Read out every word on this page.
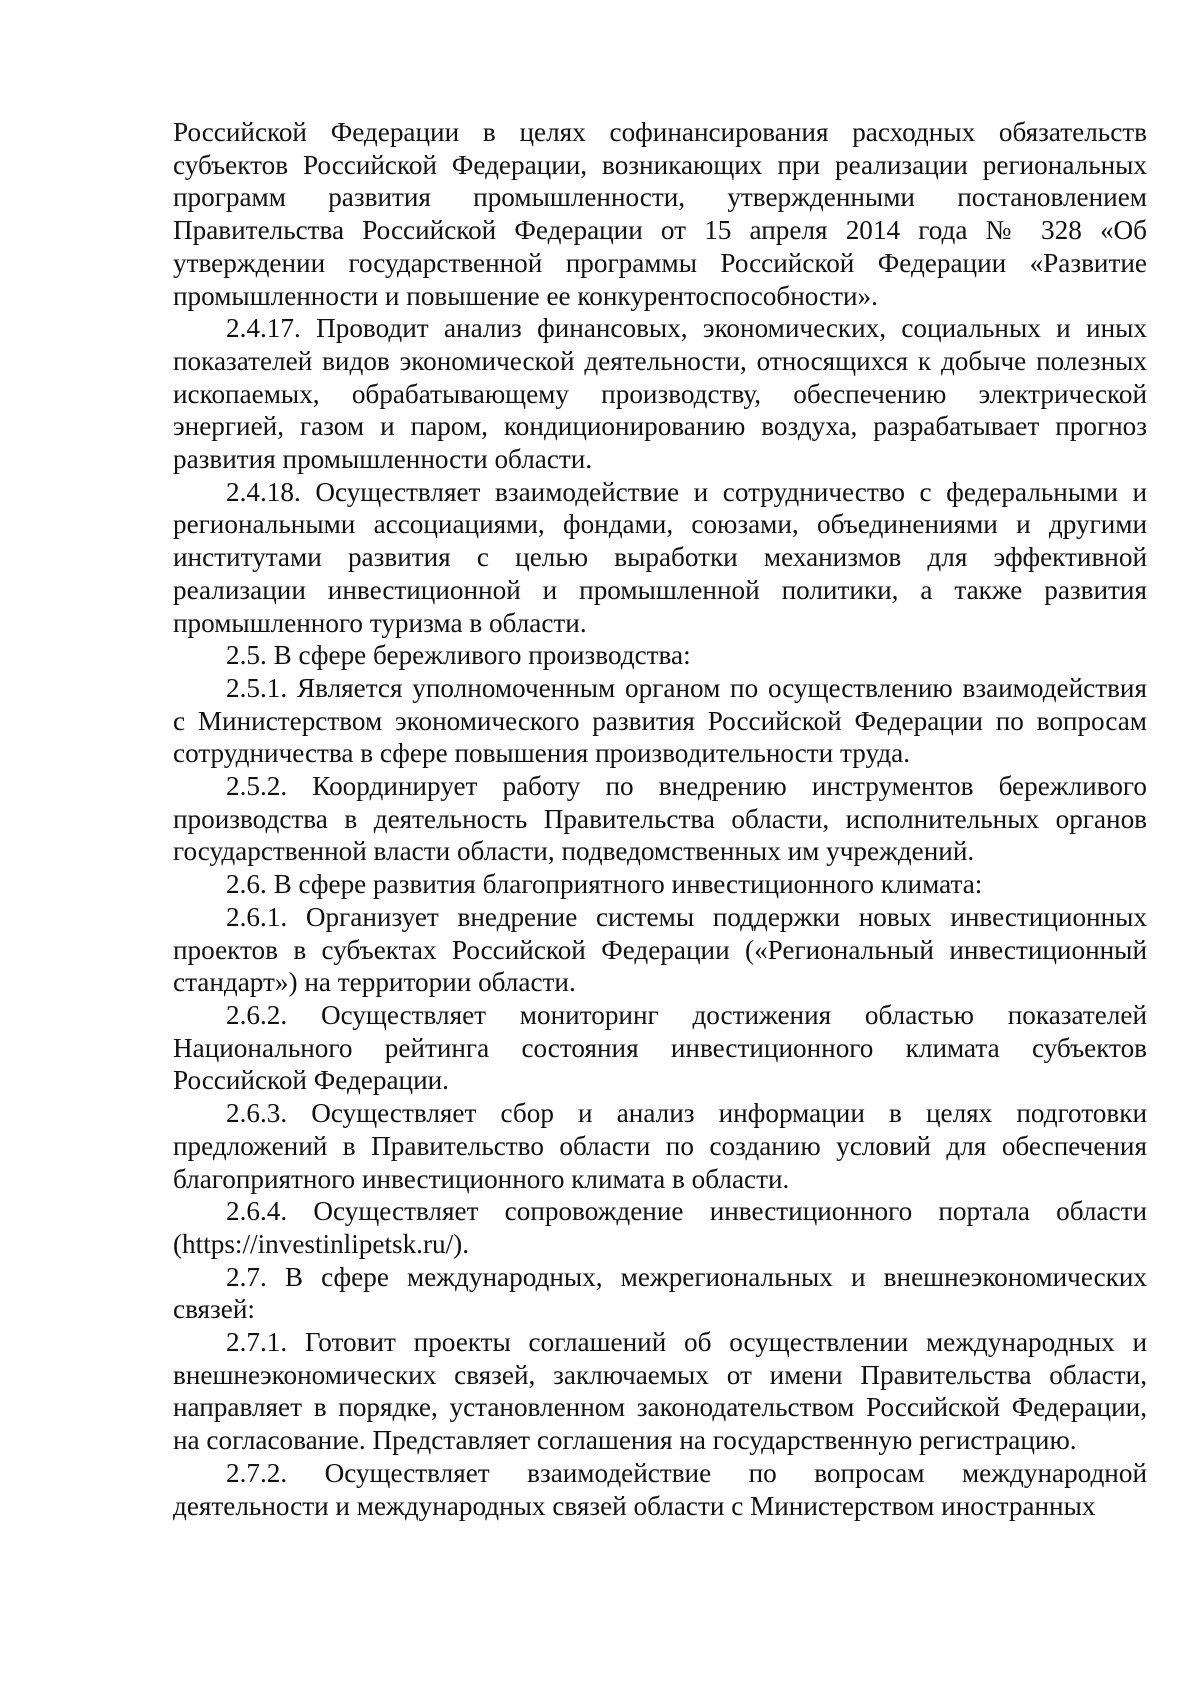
Российской Федерации в целях софинансирования расходных обязательств субъектов Российской Федерации, возникающих при реализации региональных программ развития промышленности, утвержденными постановлением Правительства Российской Федерации от 15 апреля 2014 года № 328 «Об утверждении государственной программы Российской Федерации «Развитие промышленности и повышение ее конкурентоспособности».

2.4.17. Проводит анализ финансовых, экономических, социальных и иных показателей видов экономической деятельности, относящихся к добыче полезных ископаемых, обрабатывающему производству, обеспечению электрической энергией, газом и паром, кондиционированию воздуха, разрабатывает прогноз развития промышленности области.

2.4.18. Осуществляет взаимодействие и сотрудничество с федеральными и региональными ассоциациями, фондами, союзами, объединениями и другими институтами развития с целью выработки механизмов для эффективной реализации инвестиционной и промышленной политики, а также развития промышленного туризма в области.

2.5. В сфере бережливого производства:

2.5.1. Является уполномоченным органом по осуществлению взаимодействия с Министерством экономического развития Российской Федерации по вопросам сотрудничества в сфере повышения производительности труда.

2.5.2. Координирует работу по внедрению инструментов бережливого производства в деятельность Правительства области, исполнительных органов государственной власти области, подведомственных им учреждений.

2.6. В сфере развития благоприятного инвестиционного климата:

2.6.1. Организует внедрение системы поддержки новых инвестиционных проектов в субъектах Российской Федерации («Региональный инвестиционный стандарт») на территории области.

2.6.2. Осуществляет мониторинг достижения областью показателей Национального рейтинга состояния инвестиционного климата субъектов Российской Федерации.

2.6.3. Осуществляет сбор и анализ информации в целях подготовки предложений в Правительство области по созданию условий для обеспечения благоприятного инвестиционного климата в области.

2.6.4. Осуществляет сопровождение инвестиционного портала области (https://investinlipetsk.ru/).

2.7. В сфере международных, межрегиональных и внешнеэкономических связей:

2.7.1. Готовит проекты соглашений об осуществлении международных и внешнеэкономических связей, заключаемых от имени Правительства области, направляет в порядке, установленном законодательством Российской Федерации, на согласование. Представляет соглашения на государственную регистрацию.

2.7.2. Осуществляет взаимодействие по вопросам международной деятельности и международных связей области с Министерством иностранных
